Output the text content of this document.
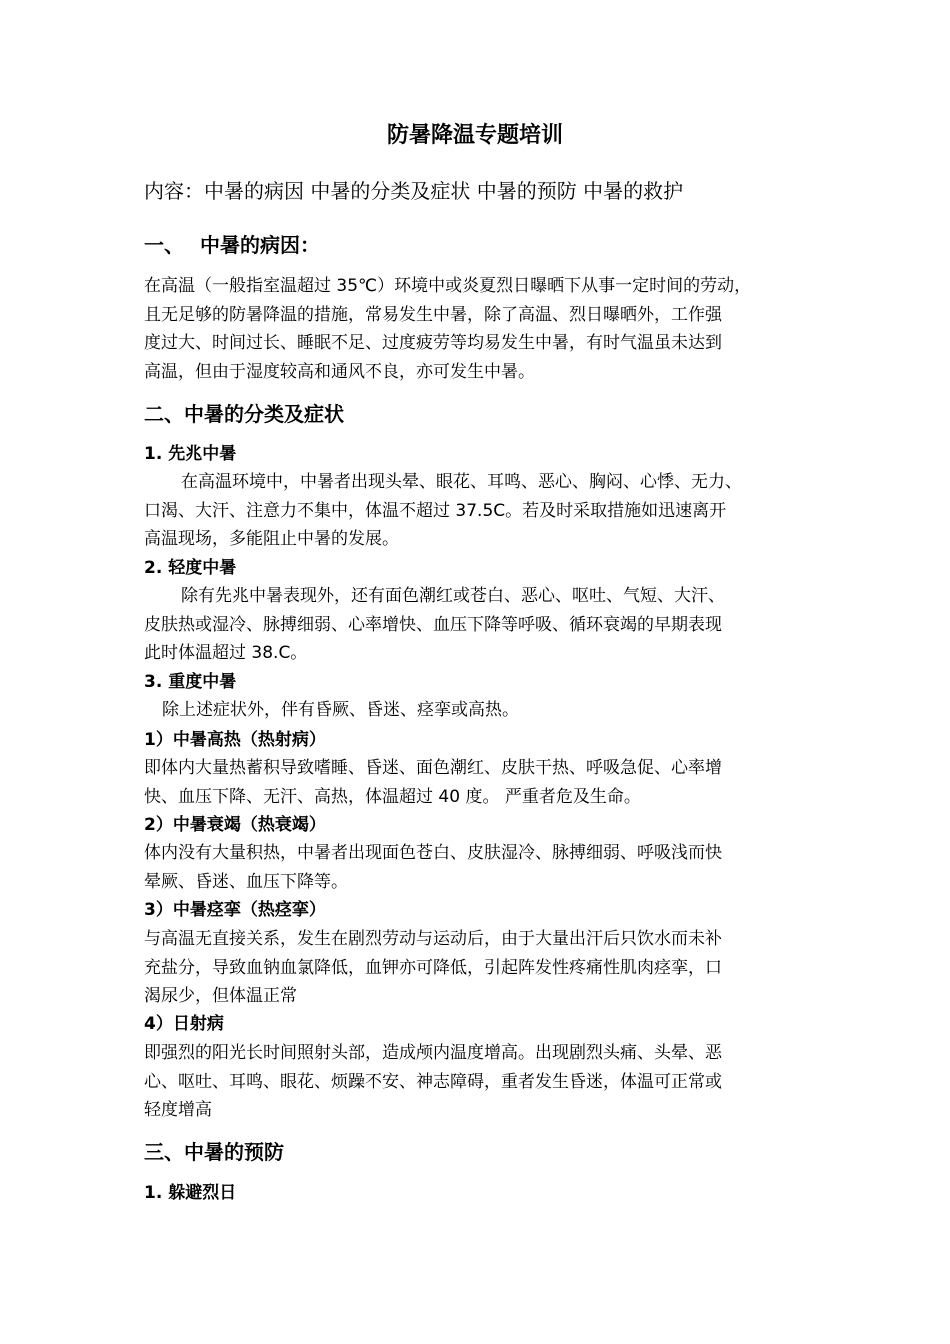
防暑降温专题培训
内容：中暑的病因 中暑的分类及症状 中暑的预防 中暑的救护
一、 中暑的病因：
在高温（一般指室温超过 35℃）环境中或炎夏烈日曝晒下从事一定时间的劳动，
且无足够的防暑降温的措施，常易发生中暑，除了高温、烈日曝晒外，工作强
度过大、时间过长、睡眠不足、过度疲劳等均易发生中暑，有时气温虽未达到
高温，但由于湿度较高和通风不良，亦可发生中暑。
二、中暑的分类及症状
1. 先兆中暑
在高温环境中，中暑者出现头晕、眼花、耳鸣、恶心、胸闷、心悸、无力、
口渴、大汗、注意力不集中，体温不超过 37.5C。若及时采取措施如迅速离开
高温现场，多能阻止中暑的发展。
2. 轻度中暑
除有先兆中暑表现外，还有面色潮红或苍白、恶心、呕吐、气短、大汗、
皮肤热或湿冷、脉搏细弱、心率增快、血压下降等呼吸、循环衰竭的早期表现
此时体温超过 38.C。
3. 重度中暑
除上述症状外，伴有昏厥、昏迷、痉挛或高热。
1）中暑高热（热射病）
即体内大量热蓄积导致嗜睡、昏迷、面色潮红、皮肤干热、呼吸急促、心率增
快、血压下降、无汗、高热，体温超过 40 度。 严重者危及生命。
2）中暑衰竭（热衰竭）
体内没有大量积热，中暑者出现面色苍白、皮肤湿冷、脉搏细弱、呼吸浅而快
晕厥、昏迷、血压下降等。
3）中暑痉挛（热痉挛）
与高温无直接关系，发生在剧烈劳动与运动后，由于大量出汗后只饮水而未补
充盐分，导致血钠血氯降低，血钾亦可降低，引起阵发性疼痛性肌肉痉挛，口
渴尿少，但体温正常
4）日射病
即强烈的阳光长时间照射头部，造成颅内温度增高。出现剧烈头痛、头晕、恶
心、呕吐、耳鸣、眼花、烦躁不安、神志障碍，重者发生昏迷，体温可正常或
轻度增高
三、中暑的预防
1. 躲避烈日
